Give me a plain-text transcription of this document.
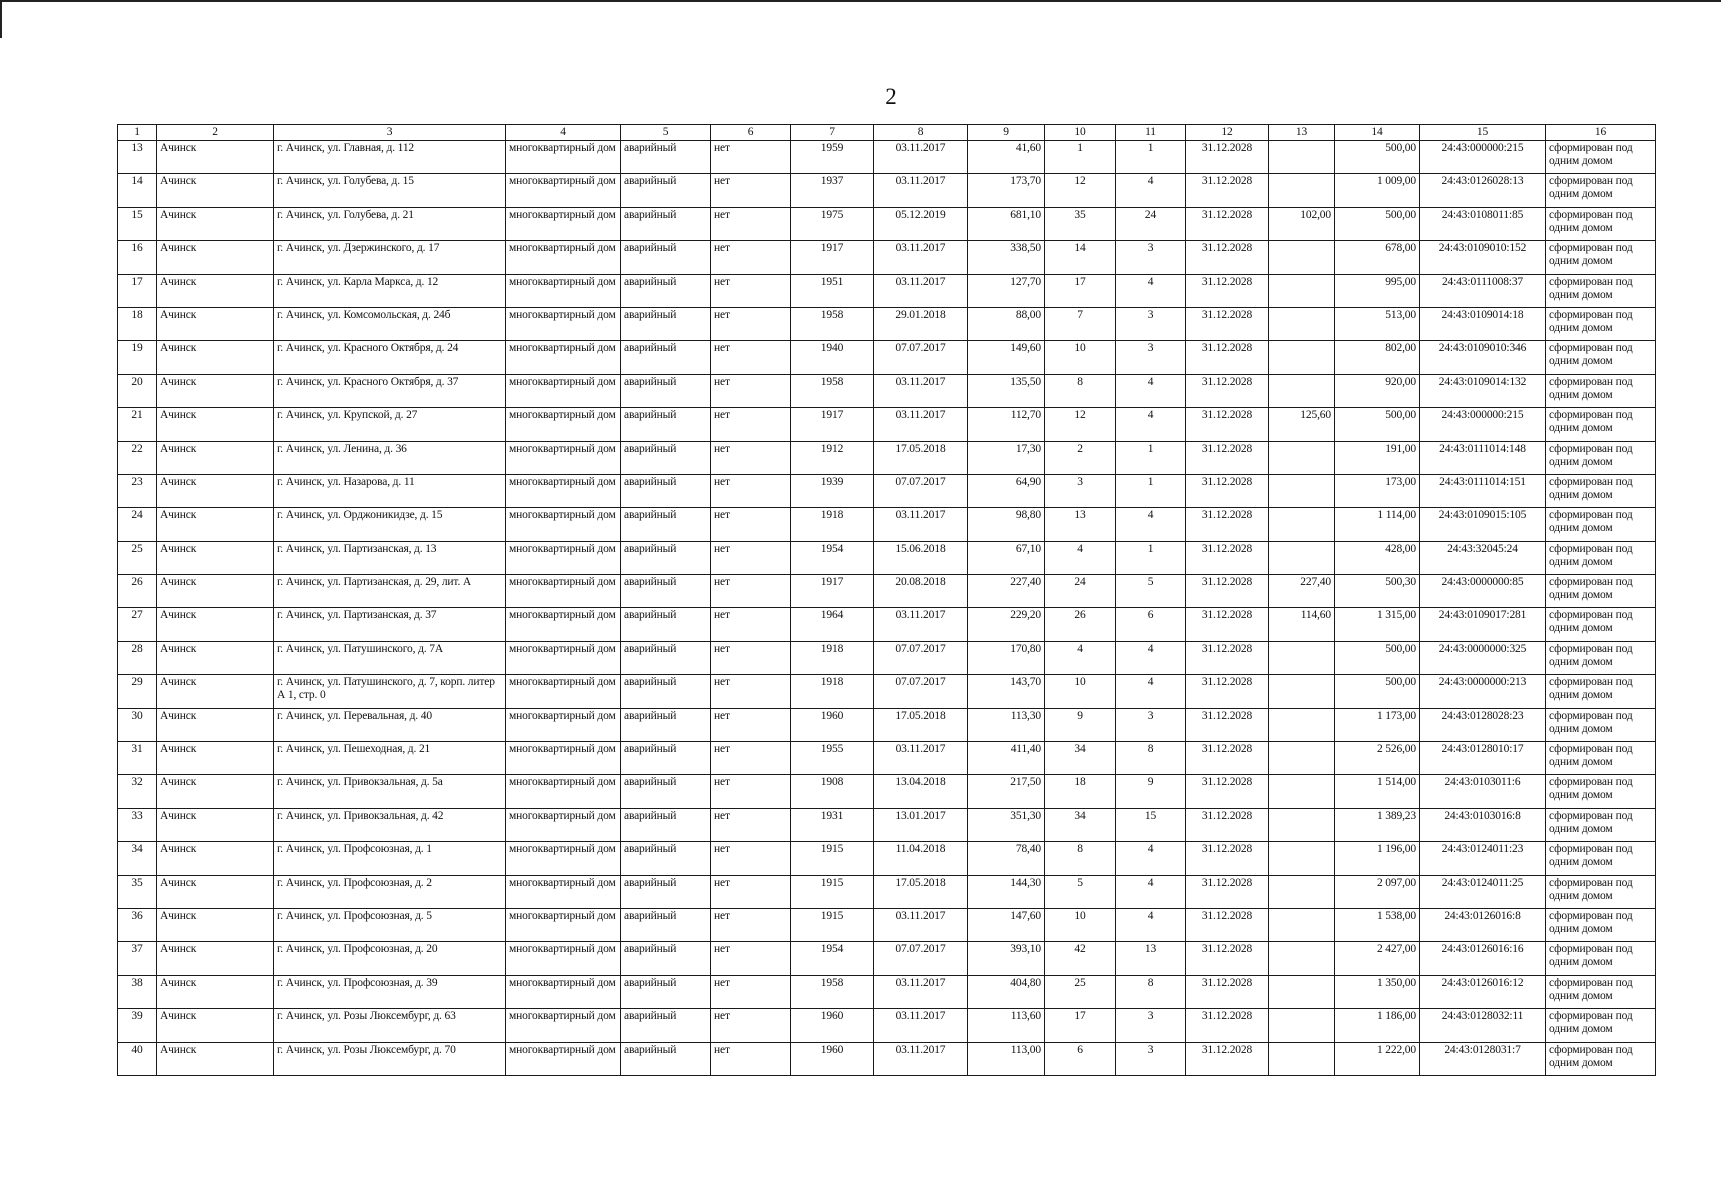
2
1	2	3	4	5	6	7	8	9	10	11	12	13	14	15	16
13	Ачинск	г. Ачинск, ул. Главная, д. 112	многоквартирный дом	аварийный	нет	1959	03.11.2017	41,60	1	1	31.12.2028		500,00	24:43:000000:215	сформирован под одним домом
14	Ачинск	г. Ачинск, ул. Голубева, д. 15	многоквартирный дом	аварийный	нет	1937	03.11.2017	173,70	12	4	31.12.2028		1 009,00	24:43:0126028:13	сформирован под одним домом
15	Ачинск	г. Ачинск, ул. Голубева, д. 21	многоквартирный дом	аварийный	нет	1975	05.12.2019	681,10	35	24	31.12.2028	102,00	500,00	24:43:0108011:85	сформирован под одним домом
16	Ачинск	г. Ачинск, ул. Дзержинского, д. 17	многоквартирный дом	аварийный	нет	1917	03.11.2017	338,50	14	3	31.12.2028		678,00	24:43:0109010:152	сформирован под одним домом
17	Ачинск	г. Ачинск, ул. Карла Маркса, д. 12	многоквартирный дом	аварийный	нет	1951	03.11.2017	127,70	17	4	31.12.2028		995,00	24:43:0111008:37	сформирован под одним домом
18	Ачинск	г. Ачинск, ул. Комсомольская, д. 24б	многоквартирный дом	аварийный	нет	1958	29.01.2018	88,00	7	3	31.12.2028		513,00	24:43:0109014:18	сформирован под одним домом
19	Ачинск	г. Ачинск, ул. Красного Октября, д. 24	многоквартирный дом	аварийный	нет	1940	07.07.2017	149,60	10	3	31.12.2028		802,00	24:43:0109010:346	сформирован под одним домом
20	Ачинск	г. Ачинск, ул. Красного Октября, д. 37	многоквартирный дом	аварийный	нет	1958	03.11.2017	135,50	8	4	31.12.2028		920,00	24:43:0109014:132	сформирован под одним домом
21	Ачинск	г. Ачинск, ул. Крупской, д. 27	многоквартирный дом	аварийный	нет	1917	03.11.2017	112,70	12	4	31.12.2028	125,60	500,00	24:43:000000:215	сформирован под одним домом
22	Ачинск	г. Ачинск, ул. Ленина, д. 36	многоквартирный дом	аварийный	нет	1912	17.05.2018	17,30	2	1	31.12.2028		191,00	24:43:0111014:148	сформирован под одним домом
23	Ачинск	г. Ачинск, ул. Назарова, д. 11	многоквартирный дом	аварийный	нет	1939	07.07.2017	64,90	3	1	31.12.2028		173,00	24:43:0111014:151	сформирован под одним домом
24	Ачинск	г. Ачинск, ул. Орджоникидзе, д. 15	многоквартирный дом	аварийный	нет	1918	03.11.2017	98,80	13	4	31.12.2028		1 114,00	24:43:0109015:105	сформирован под одним домом
25	Ачинск	г. Ачинск, ул. Партизанская, д. 13	многоквартирный дом	аварийный	нет	1954	15.06.2018	67,10	4	1	31.12.2028		428,00	24:43:32045:24	сформирован под одним домом
26	Ачинск	г. Ачинск, ул. Партизанская, д. 29, лит. А	многоквартирный дом	аварийный	нет	1917	20.08.2018	227,40	24	5	31.12.2028	227,40	500,30	24:43:0000000:85	сформирован под одним домом
27	Ачинск	г. Ачинск, ул. Партизанская, д. 37	многоквартирный дом	аварийный	нет	1964	03.11.2017	229,20	26	6	31.12.2028	114,60	1 315,00	24:43:0109017:281	сформирован под одним домом
28	Ачинск	г. Ачинск, ул. Патушинского, д. 7А	многоквартирный дом	аварийный	нет	1918	07.07.2017	170,80	4	4	31.12.2028		500,00	24:43:0000000:325	сформирован под одним домом
29	Ачинск	г. Ачинск, ул. Патушинского, д. 7, корп. литер А 1, стр. 0	многоквартирный дом	аварийный	нет	1918	07.07.2017	143,70	10	4	31.12.2028		500,00	24:43:0000000:213	сформирован под одним домом
30	Ачинск	г. Ачинск, ул. Перевальная, д. 40	многоквартирный дом	аварийный	нет	1960	17.05.2018	113,30	9	3	31.12.2028		1 173,00	24:43:0128028:23	сформирован под одним домом
31	Ачинск	г. Ачинск, ул. Пешеходная, д. 21	многоквартирный дом	аварийный	нет	1955	03.11.2017	411,40	34	8	31.12.2028		2 526,00	24:43:0128010:17	сформирован под одним домом
32	Ачинск	г. Ачинск, ул. Привокзальная, д. 5а	многоквартирный дом	аварийный	нет	1908	13.04.2018	217,50	18	9	31.12.2028		1 514,00	24:43:0103011:6	сформирован под одним домом
33	Ачинск	г. Ачинск, ул. Привокзальная, д. 42	многоквартирный дом	аварийный	нет	1931	13.01.2017	351,30	34	15	31.12.2028		1 389,23	24:43:0103016:8	сформирован под одним домом
34	Ачинск	г. Ачинск, ул. Профсоюзная, д. 1	многоквартирный дом	аварийный	нет	1915	11.04.2018	78,40	8	4	31.12.2028		1 196,00	24:43:0124011:23	сформирован под одним домом
35	Ачинск	г. Ачинск, ул. Профсоюзная, д. 2	многоквартирный дом	аварийный	нет	1915	17.05.2018	144,30	5	4	31.12.2028		2 097,00	24:43:0124011:25	сформирован под одним домом
36	Ачинск	г. Ачинск, ул. Профсоюзная, д. 5	многоквартирный дом	аварийный	нет	1915	03.11.2017	147,60	10	4	31.12.2028		1 538,00	24:43:0126016:8	сформирован под одним домом
37	Ачинск	г. Ачинск, ул. Профсоюзная, д. 20	многоквартирный дом	аварийный	нет	1954	07.07.2017	393,10	42	13	31.12.2028		2 427,00	24:43:0126016:16	сформирован под одним домом
38	Ачинск	г. Ачинск, ул. Профсоюзная, д. 39	многоквартирный дом	аварийный	нет	1958	03.11.2017	404,80	25	8	31.12.2028		1 350,00	24:43:0126016:12	сформирован под одним домом
39	Ачинск	г. Ачинск, ул. Розы Люксембург, д. 63	многоквартирный дом	аварийный	нет	1960	03.11.2017	113,60	17	3	31.12.2028		1 186,00	24:43:0128032:11	сформирован под одним домом
40	Ачинск	г. Ачинск, ул. Розы Люксембург, д. 70	многоквартирный дом	аварийный	нет	1960	03.11.2017	113,00	6	3	31.12.2028		1 222,00	24:43:0128031:7	сформирован под одним домом
